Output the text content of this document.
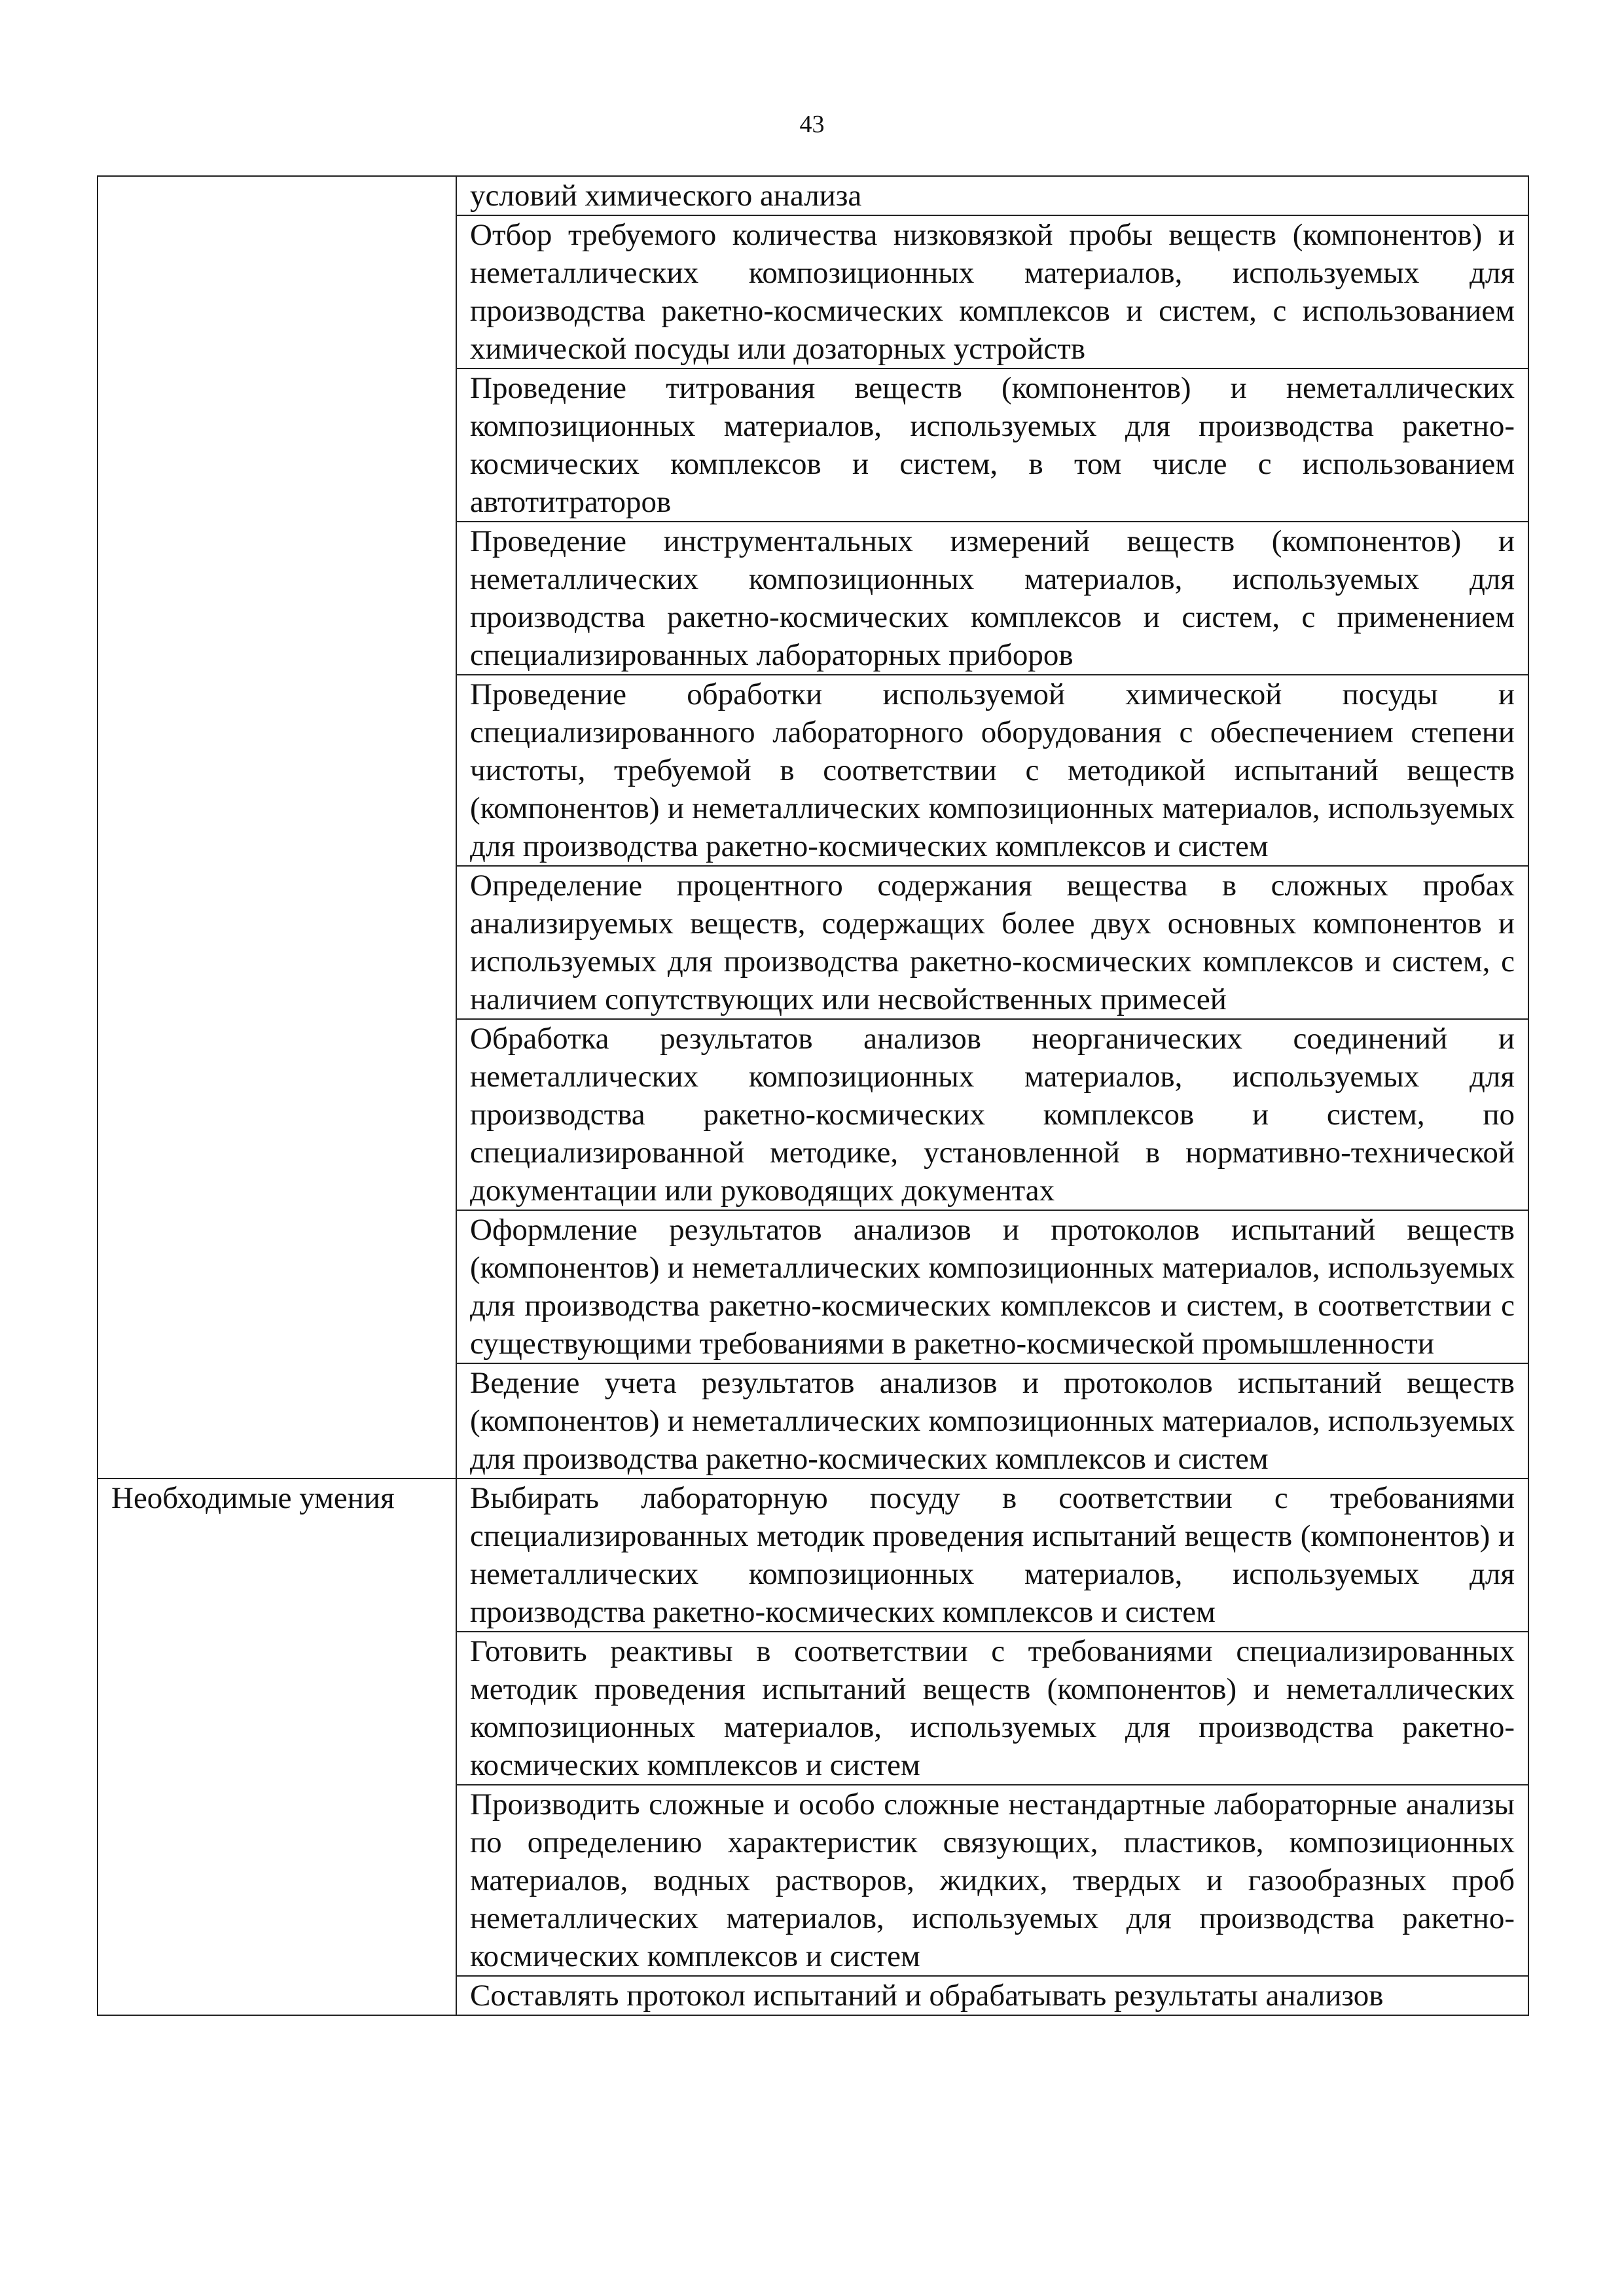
43
	условий химического анализа
	Отбор требуемого количества низковязкой пробы веществ (компонентов) и неметаллических композиционных материалов, используемых для производства ракетно-космических комплексов и систем, с использованием химической посуды или дозаторных устройств
	Проведение титрования веществ (компонентов) и неметаллических композиционных материалов, используемых для производства ракетно-космических комплексов и систем, в том числе с использованием автотитраторов
	Проведение инструментальных измерений веществ (компонентов) и неметаллических композиционных материалов, используемых для производства ракетно-космических комплексов и систем, с применением специализированных лабораторных приборов
	Проведение обработки используемой химической посуды и специализированного лабораторного оборудования с обеспечением степени чистоты, требуемой в соответствии с методикой испытаний веществ (компонентов) и неметаллических композиционных материалов, используемых для производства ракетно-космических комплексов и систем
	Определение процентного содержания вещества в сложных пробах анализируемых веществ, содержащих более двух основных компонентов и используемых для производства ракетно-космических комплексов и систем, с наличием сопутствующих или несвойственных примесей
	Обработка результатов анализов неорганических соединений и неметаллических композиционных материалов, используемых для производства ракетно-космических комплексов и систем, по специализированной методике, установленной в нормативно-технической документации или руководящих документах
	Оформление результатов анализов и протоколов испытаний веществ (компонентов) и неметаллических композиционных материалов, используемых для производства ракетно-космических комплексов и систем, в соответствии с существующими требованиями в ракетно-космической промышленности
	Ведение учета результатов анализов и протоколов испытаний веществ (компонентов) и неметаллических композиционных материалов, используемых для производства ракетно-космических комплексов и систем
Необходимые умения	Выбирать лабораторную посуду в соответствии с требованиями специализированных методик проведения испытаний веществ (компонентов) и неметаллических композиционных материалов, используемых для производства ракетно-космических комплексов и систем
	Готовить реактивы в соответствии с требованиями специализированных методик проведения испытаний веществ (компонентов) и неметаллических композиционных материалов, используемых для производства ракетно-космических комплексов и систем
	Производить сложные и особо сложные нестандартные лабораторные анализы по определению характеристик связующих, пластиков, композиционных материалов, водных растворов, жидких, твердых и газообразных проб неметаллических материалов, используемых для производства ракетно-космических комплексов и систем
	Составлять протокол испытаний и обрабатывать результаты анализов
